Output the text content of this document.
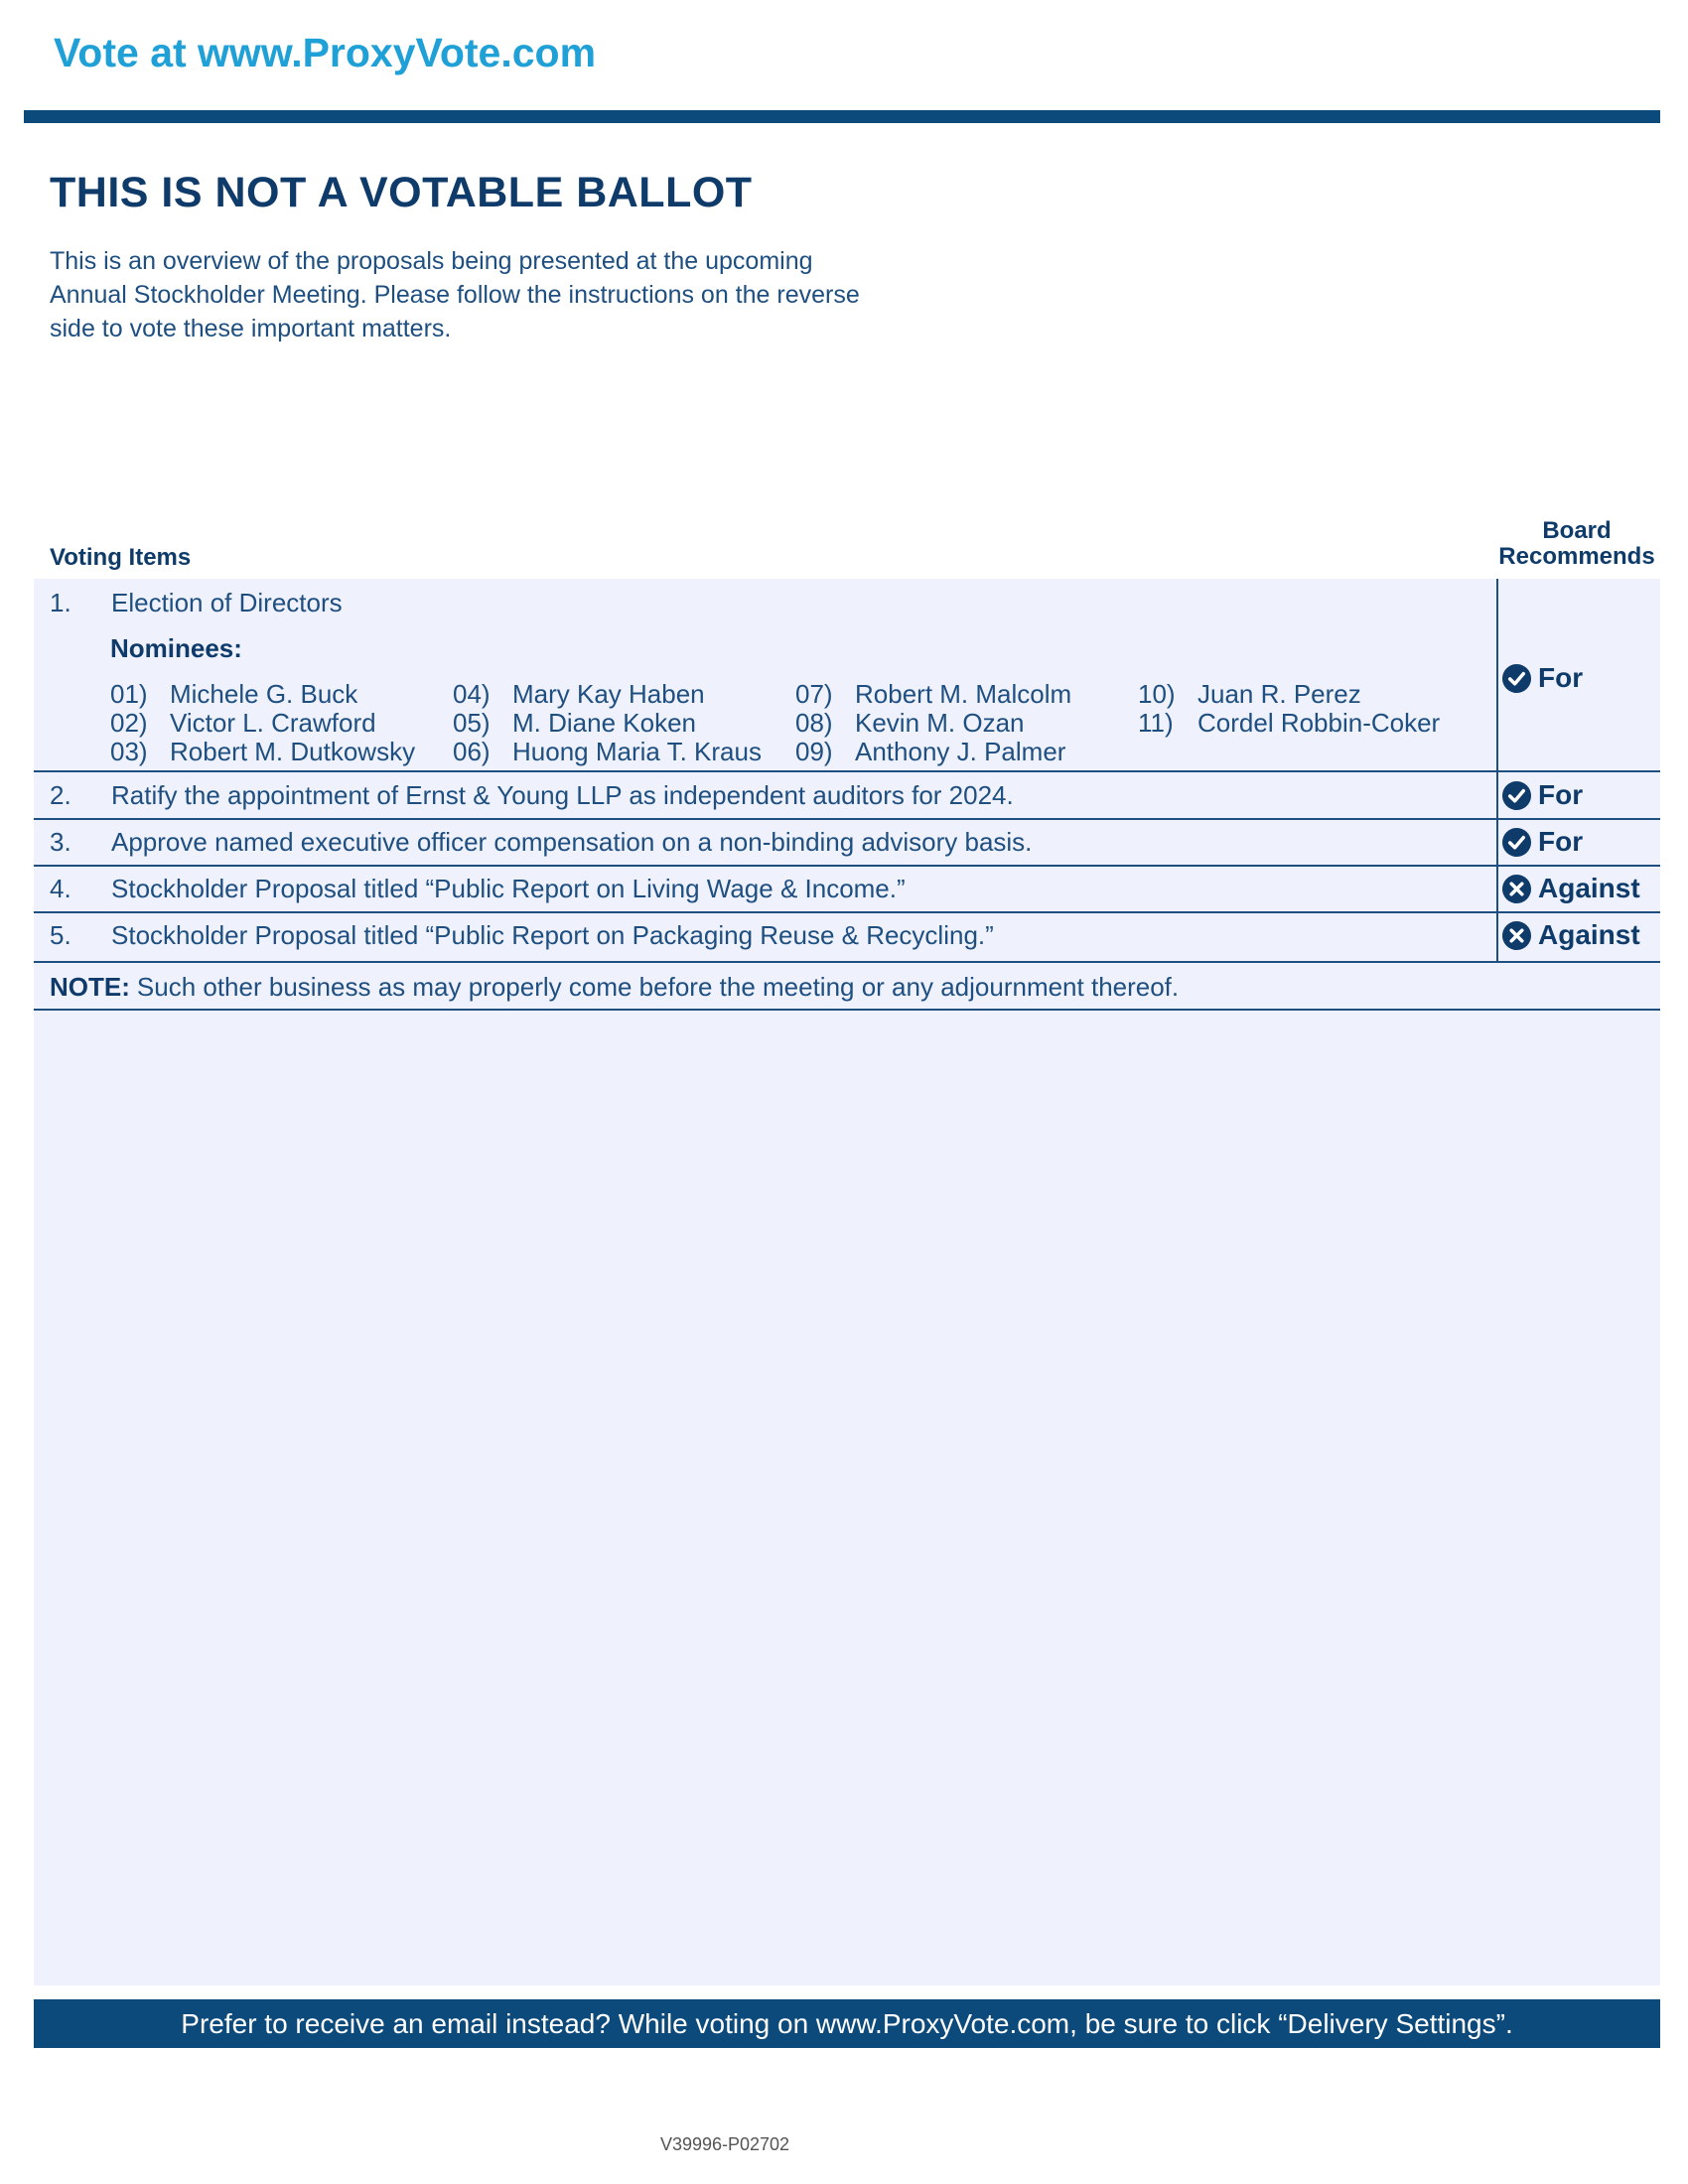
Vote at www.ProxyVote.com
THIS IS NOT A VOTABLE BALLOT

This is an overview of the proposals being presented at the upcoming Annual Stockholder Meeting. Please follow the instructions on the reverse side to vote these important matters.

Voting Items
Board
Recommends
1.	Election of Directors
Nominees:
01) Michele G. Buck	04) Mary Kay Haben	07) Robert M. Malcolm	10) Juan R. Perez
02) Victor L. Crawford	05) M. Diane Koken	08) Kevin M. Ozan	11) Cordel Robbin-Coker
03) Robert M. Dutkowsky 06) Huong Maria T. Kraus 09) Anthony J. Palmer
For
2.	Ratify the appointment of Ernst & Young LLP as independent auditors for 2024.	For
3.	Approve named executive officer compensation on a non-binding advisory basis.	For
4.	Stockholder Proposal titled “Public Report on Living Wage & Income.”	Against
5.	Stockholder Proposal titled “Public Report on Packaging Reuse & Recycling.”	Against
NOTE: Such other business as may properly come before the meeting or any adjournment thereof.
Prefer to receive an email instead? While voting on www.ProxyVote.com, be sure to click “Delivery Settings”.
V39996-P02702
